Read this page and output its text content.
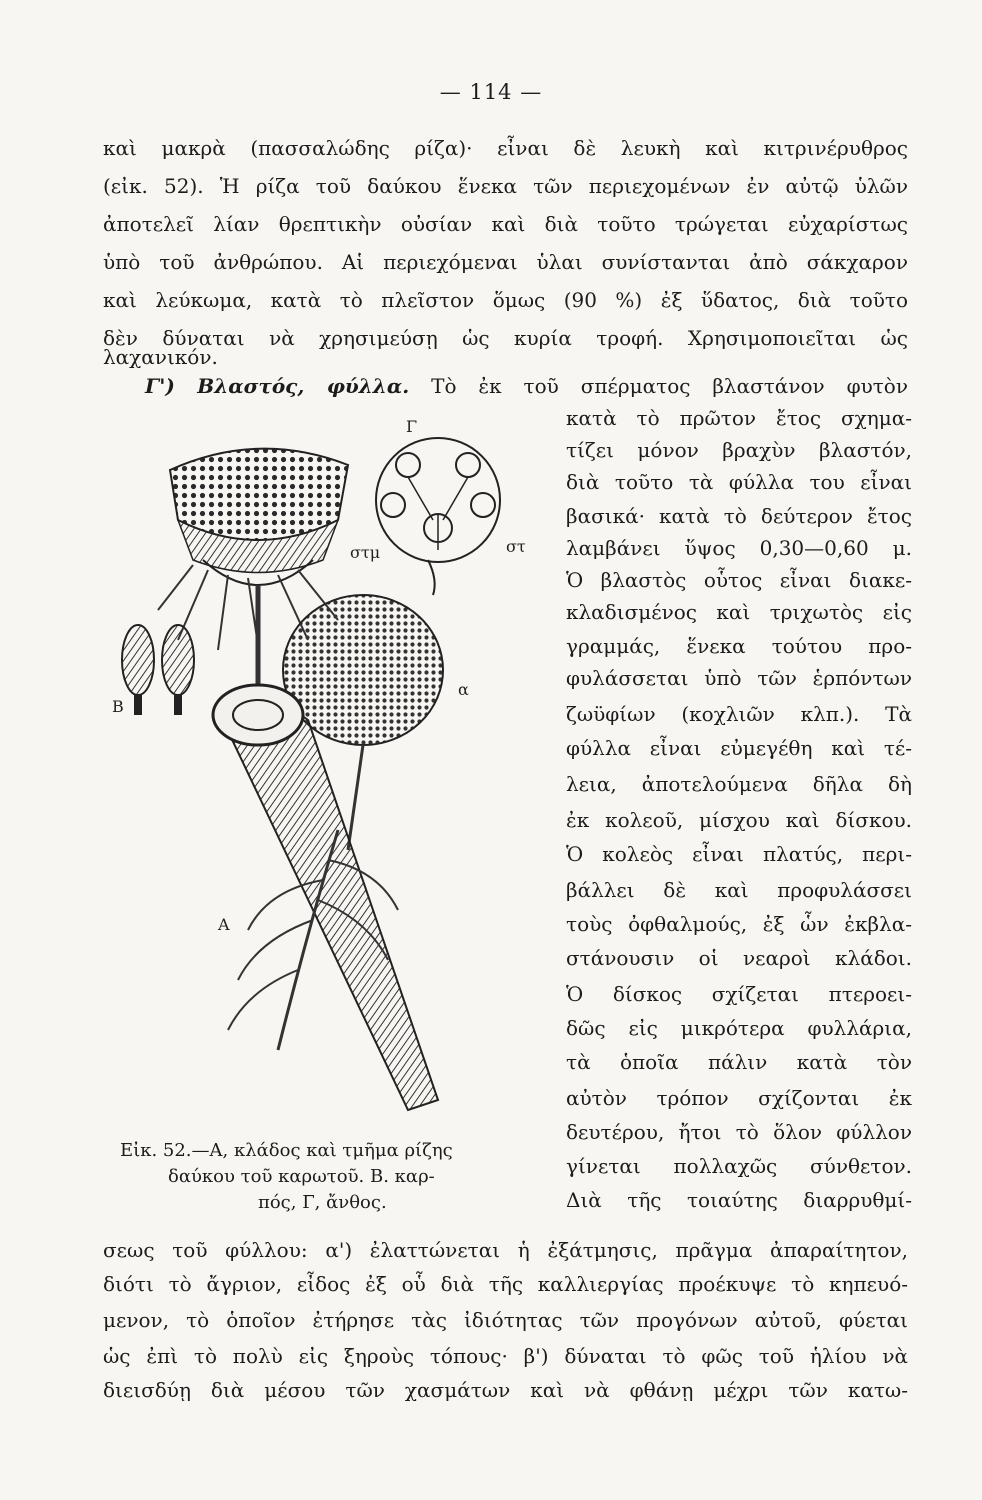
— 114 —
καὶ μακρὰ (πασσαλώδης ρίζα)· εἶναι δὲ λευκὴ καὶ κιτρινέρυθρος
(εἰκ. 52). Ἡ ρίζα τοῦ δαύκου ἕνεκα τῶν περιεχομένων ἐν αὐτῷ ὑλῶν
ἀποτελεῖ λίαν θρεπτικὴν οὐσίαν καὶ διὰ τοῦτο τρώγεται εὐχαρίστως
ὑπὸ τοῦ ἀνθρώπου. Αἱ περιεχόμεναι ὑλαι συνίστανται ἀπὸ σάκχαρον
καὶ λεύκωμα, κατὰ τὸ πλεῖστον ὅμως (90 %) ἐξ ὕδατος, διὰ τοῦτο
δὲν δύναται νὰ χρησιμεύσῃ ὡς κυρία τροφή. Χρησιμοποιεῖται ὡς
λαχανικόν.
Γ') Βλαστός, φύλλα. Τὸ ἐκ τοῦ σπέρματος βλαστάνον φυτὸν
κατὰ τὸ πρῶτον ἔτος σχημα-
τίζει μόνον βραχὺν βλαστόν,
διὰ τοῦτο τὰ φύλλα του εἶναι
βασικά· κατὰ τὸ δεύτερον ἔτος
λαμβάνει ὕψος 0,30—0,60 μ.
Ὁ βλαστὸς οὗτος εἶναι διακε-
κλαδισμένος καὶ τριχωτὸς εἰς
γραμμάς, ἕνεκα τούτου προ-
φυλάσσεται ὑπὸ τῶν ἑρπόντων
ζωϋφίων (κοχλιῶν κλπ.). Τὰ
φύλλα εἶναι εὐμεγέθη καὶ τέ-
λεια, ἀποτελούμενα δῆλα δὴ
ἐκ κολεοῦ, μίσχου καὶ δίσκου.
Ὁ κολεὸς εἶναι πλατύς, περι-
βάλλει δὲ καὶ προφυλάσσει
τοὺς ὀφθαλμούς, ἐξ ὧν ἐκβλα-
στάνουσιν οἱ νεαροὶ κλάδοι.
Ὁ δίσκος σχίζεται πτεροει-
δῶς εἰς μικρότερα φυλλάρια,
τὰ ὁποῖα πάλιν κατὰ τὸν
αὐτὸν τρόπον σχίζονται ἐκ
δευτέρου, ἤτοι τὸ ὅλον φύλλον
γίνεται πολλαχῶς σύνθετον.
Διὰ τῆς τοιαύτης διαρρυθμί-
Γ
στμ	στ
Β
α
Α
Εἰκ. 52.—Α, κλάδος καὶ τμῆμα ρίζης
δαύκου τοῦ καρωτοῦ. Β. καρ-
πός, Γ, ἄνθος.
σεως τοῦ φύλλου: α') ἐλαττώνεται ἡ ἐξάτμησις, πρᾶγμα ἀπαραίτητον,
διότι τὸ ἄγριον, εἶδος ἐξ οὗ διὰ τῆς καλλιεργίας προέκυψε τὸ κηπευό-
μενον, τὸ ὁποῖον ἐτήρησε τὰς ἰδιότητας τῶν προγόνων αὐτοῦ, φύεται
ὡς ἐπὶ τὸ πολὺ εἰς ξηροὺς τόπους· β') δύναται τὸ φῶς τοῦ ἡλίου νὰ
διεισδύῃ διὰ μέσου τῶν χασμάτων καὶ νὰ φθάνῃ μέχρι τῶν κατω-
